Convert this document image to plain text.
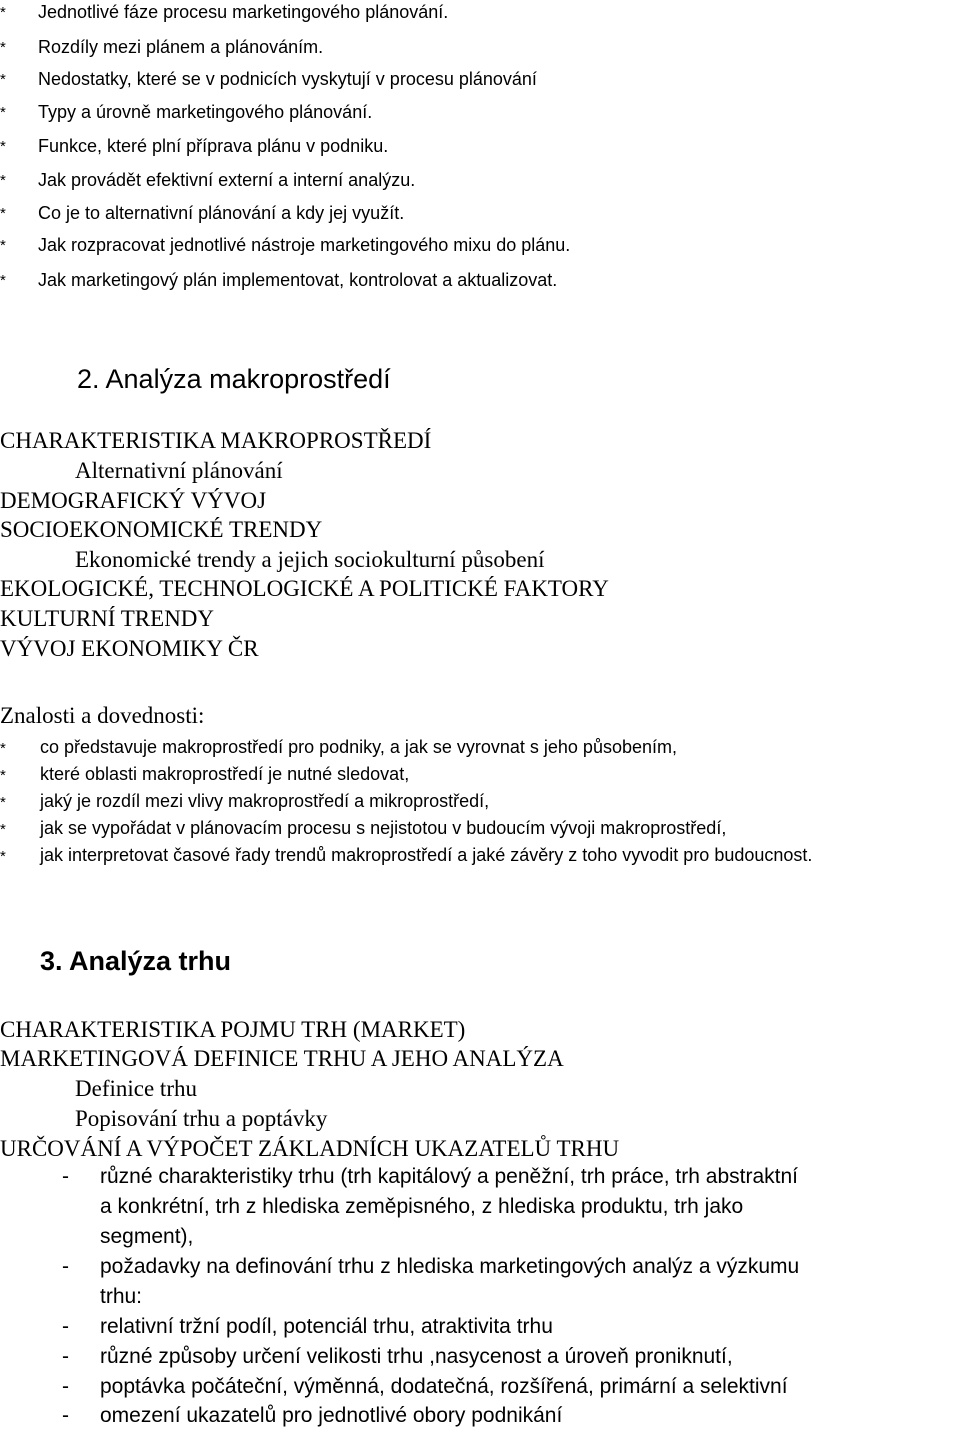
* Jednotlivé fáze procesu marketingového plánování.
* Rozdíly mezi plánem a plánováním.
* Nedostatky, které se v podnicích vyskytují v procesu plánování
* Typy a úrovně marketingového plánování.
* Funkce, které plní příprava plánu v podniku.
* Jak provádět efektivní externí a interní analýzu.
* Co je to alternativní plánování a kdy jej využít.
* Jak rozpracovat jednotlivé nástroje marketingového mixu do plánu.
* Jak marketingový plán implementovat, kontrolovat a aktualizovat.
2. Analýza makroprostředí
CHARAKTERISTIKA MAKROPROSTŘEDÍ
Alternativní plánování
DEMOGRAFICKÝ VÝVOJ
SOCIOEKONOMICKÉ TRENDY
Ekonomické trendy a jejich sociokulturní působení
EKOLOGICKÉ, TECHNOLOGICKÉ A POLITICKÉ FAKTORY
KULTURNÍ TRENDY
VÝVOJ EKONOMIKY ČR
Znalosti a dovednosti:
* co představuje makroprostředí pro podniky, a jak se vyrovnat s jeho působením,
* které oblasti makroprostředí je nutné sledovat,
* jaký je rozdíl mezi vlivy makroprostředí a mikroprostředí,
* jak se vypořádat v plánovacím procesu s nejistotou v budoucím vývoji makroprostředí,
* jak interpretovat časové řady trendů makroprostředí a jaké závěry z toho vyvodit pro budoucnost.
3. Analýza trhu
CHARAKTERISTIKA POJMU TRH (MARKET)
MARKETINGOVÁ DEFINICE TRHU A JEHO ANALÝZA
Definice trhu
Popisování trhu a poptávky
URČOVÁNÍ A VÝPOČET ZÁKLADNÍCH UKAZATELŮ TRHU
- různé charakteristiky trhu (trh kapitálový a peněžní, trh práce, trh abstraktní
a konkrétní, trh z hlediska zeměpisného, z hlediska produktu, trh jako
segment),
- požadavky na definování trhu z hlediska marketingových analýz a výzkumu
trhu:
- relativní tržní podíl, potenciál trhu, atraktivita trhu
- různé způsoby určení velikosti trhu ,nasycenost a úroveň proniknutí,
- poptávka počáteční, výměnná, dodatečná, rozšířená, primární a selektivní
- omezení ukazatelů pro jednotlivé obory podnikání
